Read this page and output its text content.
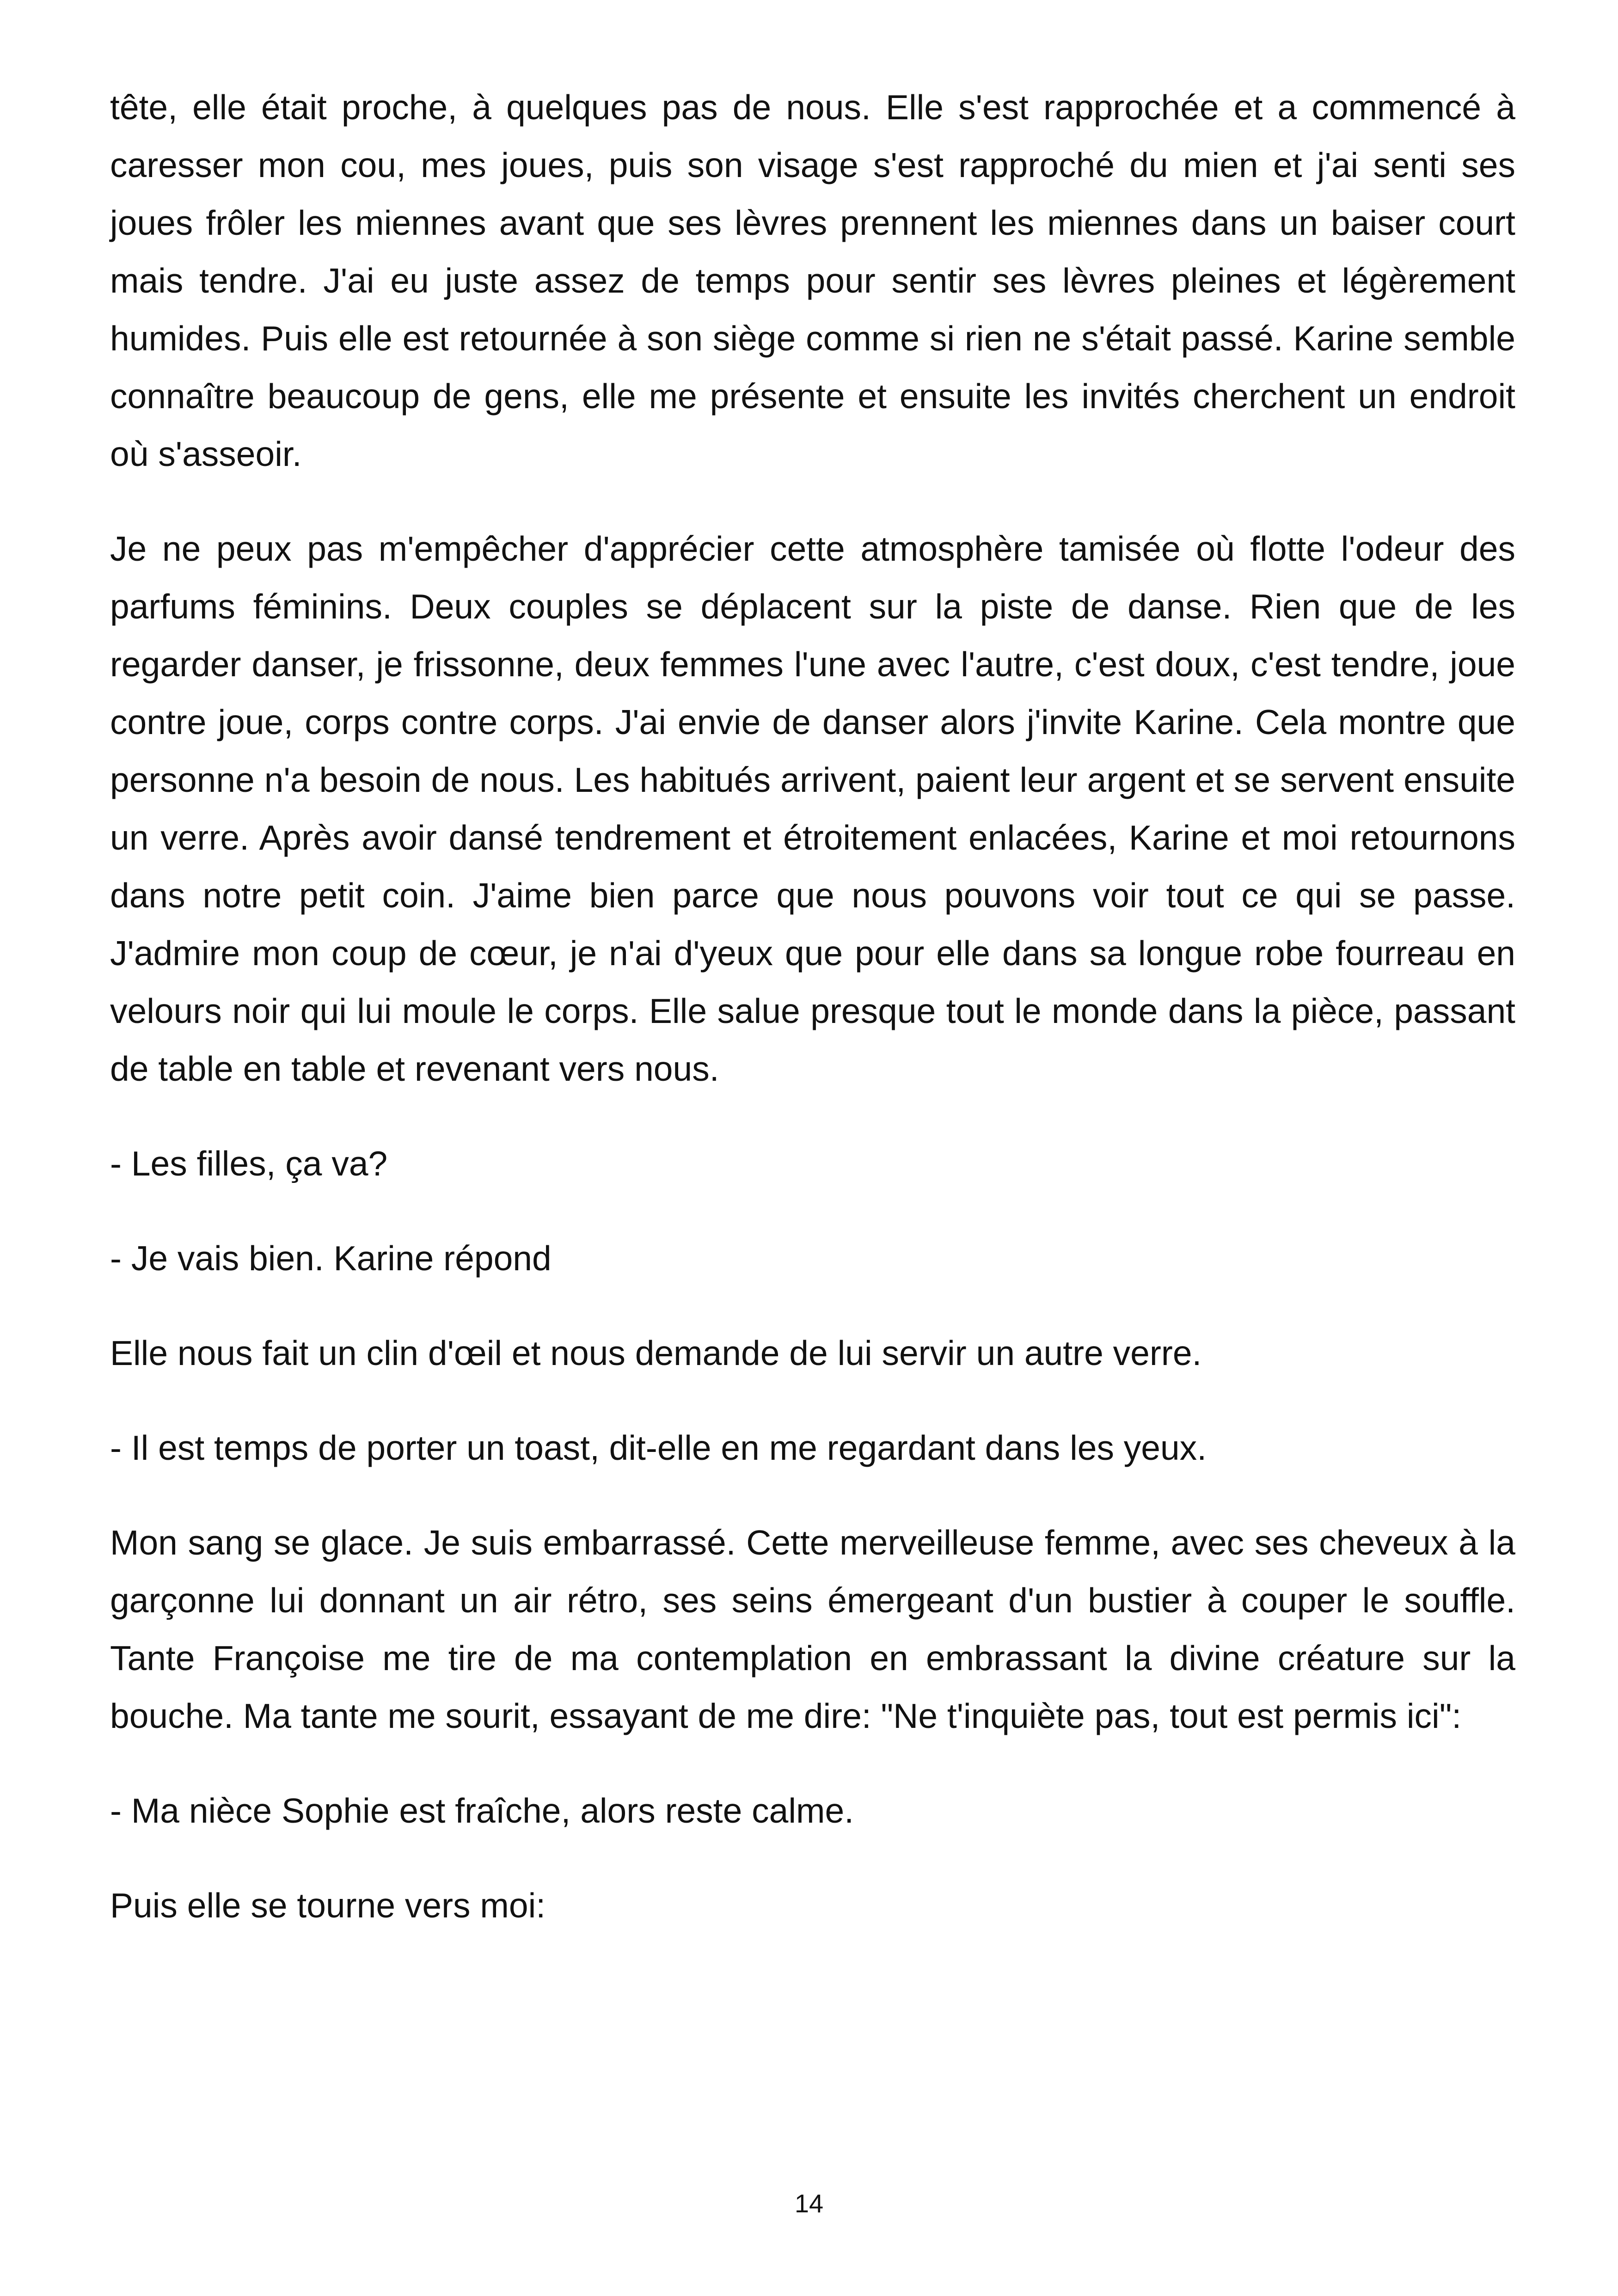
tête, elle était proche, à quelques pas de nous. Elle s'est rapprochée et a commencé à caresser mon cou, mes joues, puis son visage s'est rapproché du mien et j'ai senti ses joues frôler les miennes avant que ses lèvres prennent les miennes dans un baiser court mais tendre. J'ai eu juste assez de temps pour sentir ses lèvres pleines et légèrement humides. Puis elle est retournée à son siège comme si rien ne s'était passé. Karine semble connaître beaucoup de gens, elle me présente et ensuite les invités cherchent un endroit où s'asseoir.

Je ne peux pas m'empêcher d'apprécier cette atmosphère tamisée où flotte l'odeur des parfums féminins. Deux couples se déplacent sur la piste de danse. Rien que de les regarder danser, je frissonne, deux femmes l'une avec l'autre, c'est doux, c'est tendre, joue contre joue, corps contre corps. J'ai envie de danser alors j'invite Karine. Cela montre que personne n'a besoin de nous. Les habitués arrivent, paient leur argent et se servent ensuite un verre. Après avoir dansé tendrement et étroitement enlacées, Karine et moi retournons dans notre petit coin. J'aime bien parce que nous pouvons voir tout ce qui se passe. J'admire mon coup de cœur, je n'ai d'yeux que pour elle dans sa longue robe fourreau en velours noir qui lui moule le corps. Elle salue presque tout le monde dans la pièce, passant de table en table et revenant vers nous.

- Les filles, ça va?

- Je vais bien. Karine répond

Elle nous fait un clin d'œil et nous demande de lui servir un autre verre.

- Il est temps de porter un toast, dit-elle en me regardant dans les yeux.

Mon sang se glace. Je suis embarrassé. Cette merveilleuse femme, avec ses cheveux à la garçonne lui donnant un air rétro, ses seins émergeant d'un bustier à couper le souffle. Tante Françoise me tire de ma contemplation en embrassant la divine créature sur la bouche. Ma tante me sourit, essayant de me dire: "Ne t'inquiète pas, tout est permis ici":

- Ma nièce Sophie est fraîche, alors reste calme.

Puis elle se tourne vers moi:

14
